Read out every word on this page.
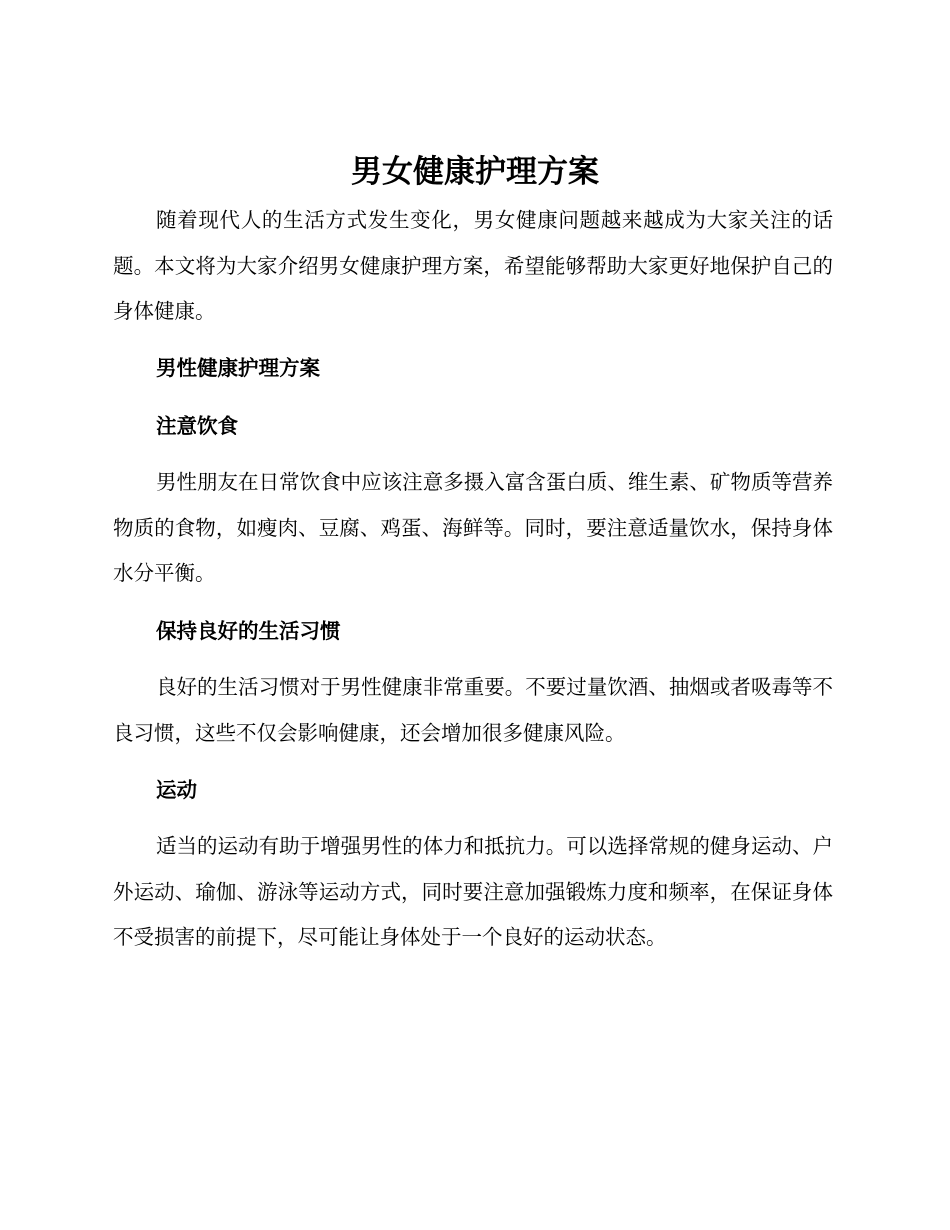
男女健康护理方案

随着现代人的生活方式发生变化，男女健康问题越来越成为大家关注的话题。本文将为大家介绍男女健康护理方案，希望能够帮助大家更好地保护自己的身体健康。

男性健康护理方案
注意饮食

男性朋友在日常饮食中应该注意多摄入富含蛋白质、维生素、矿物质等营养物质的食物，如瘦肉、豆腐、鸡蛋、海鲜等。同时，要注意适量饮水，保持身体水分平衡。

保持良好的生活习惯

良好的生活习惯对于男性健康非常重要。不要过量饮酒、抽烟或者吸毒等不良习惯，这些不仅会影响健康，还会增加很多健康风险。

运动

适当的运动有助于增强男性的体力和抵抗力。可以选择常规的健身运动、户外运动、瑜伽、游泳等运动方式，同时要注意加强锻炼力度和频率，在保证身体不受损害的前提下，尽可能让身体处于一个良好的运动状态。
